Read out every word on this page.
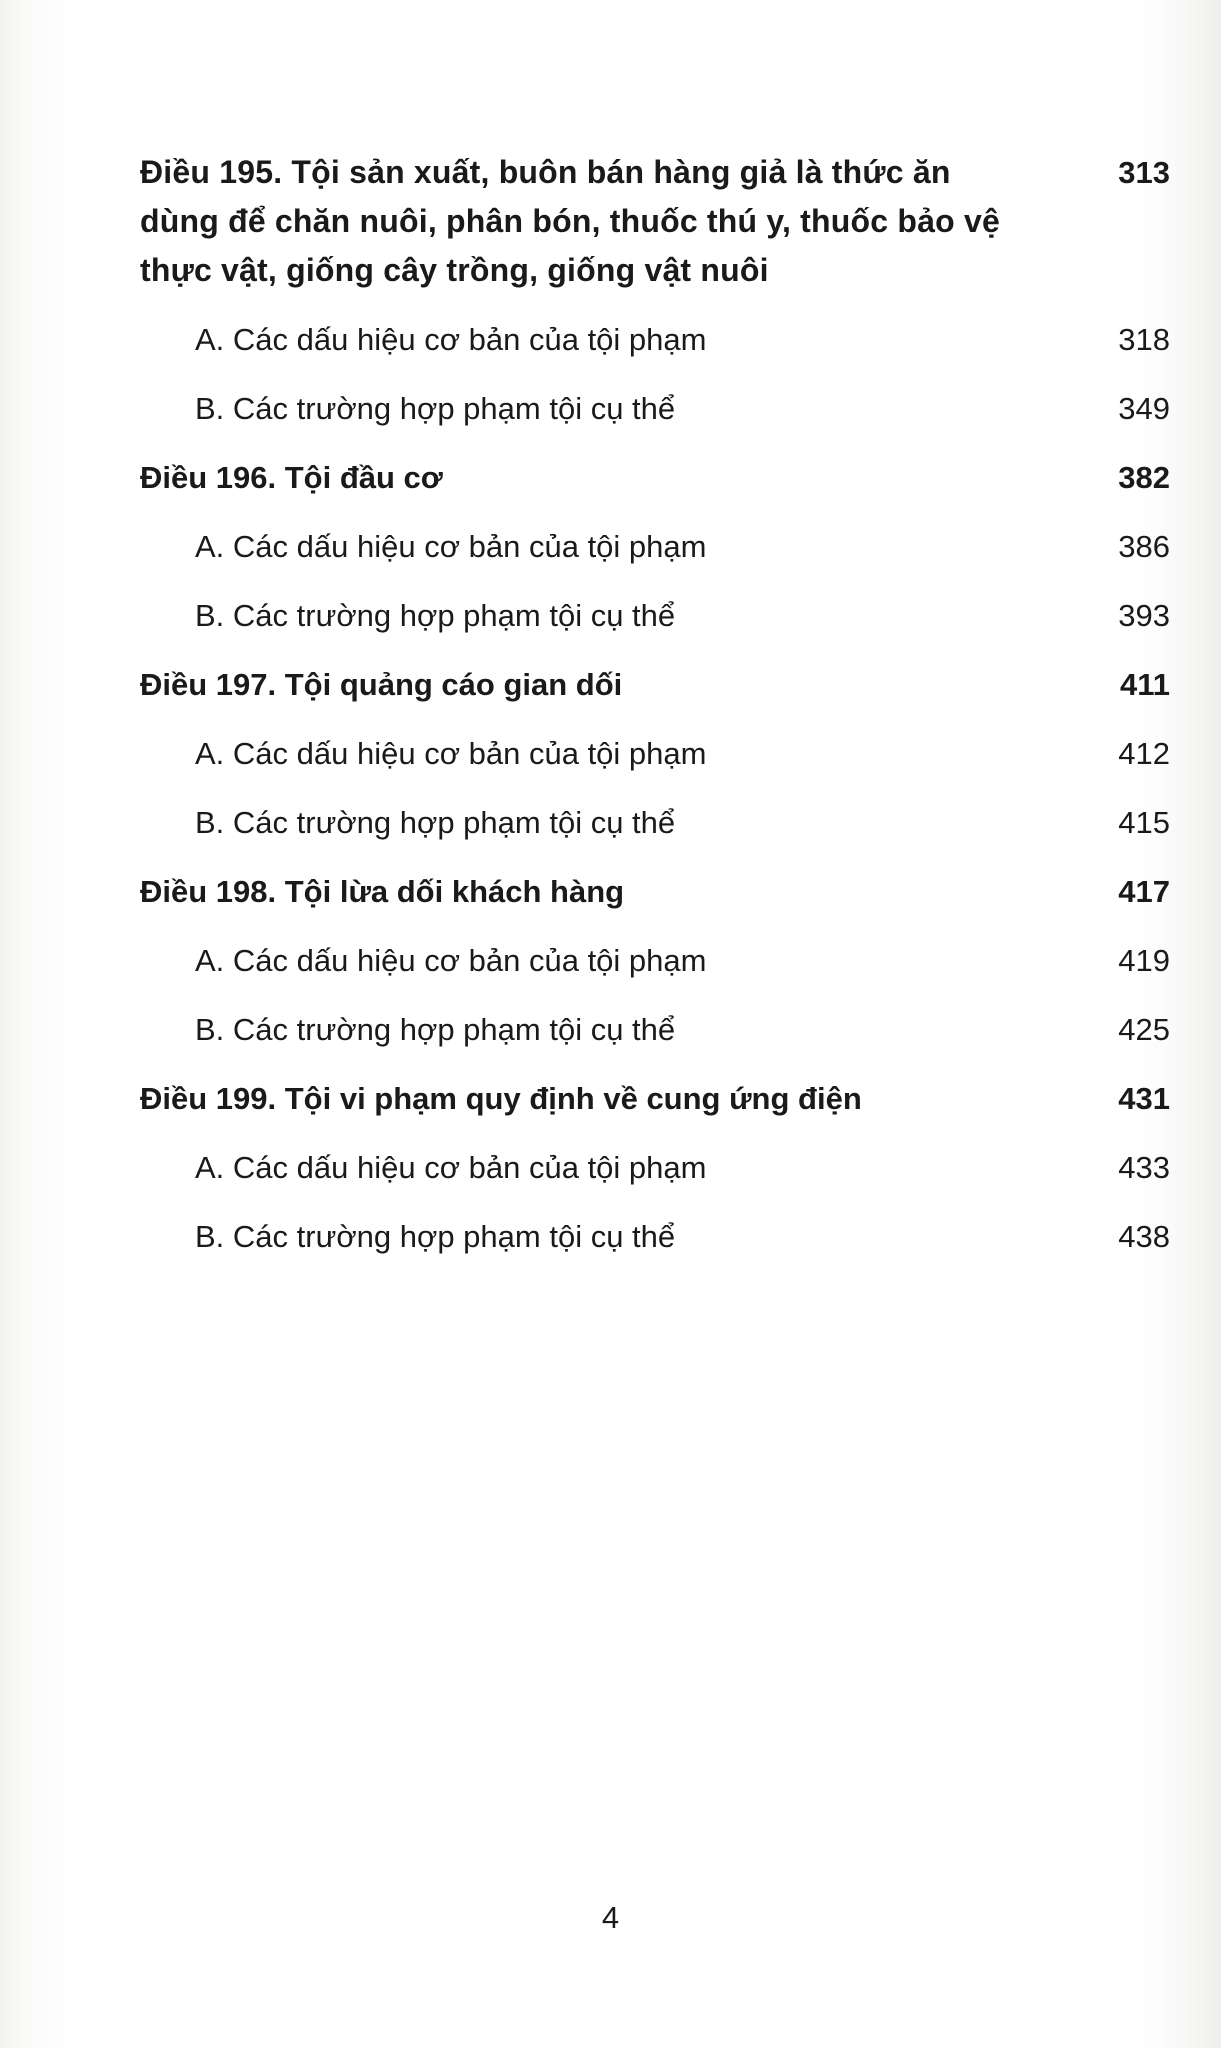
Điều 195. Tội sản xuất, buôn bán hàng giả là thức ăn dùng để chăn nuôi, phân bón, thuốc thú y, thuốc bảo vệ thực vật, giống cây trồng, giống vật nuôi
313
A. Các dấu hiệu cơ bản của tội phạm	318
B. Các trường hợp phạm tội cụ thể	349
Điều 196. Tội đầu cơ	382
A. Các dấu hiệu cơ bản của tội phạm	386
B. Các trường hợp phạm tội cụ thể	393
Điều 197. Tội quảng cáo gian dối	411
A. Các dấu hiệu cơ bản của tội phạm	412
B. Các trường hợp phạm tội cụ thể	415
Điều 198. Tội lừa dối khách hàng	417
A. Các dấu hiệu cơ bản của tội phạm	419
B. Các trường hợp phạm tội cụ thể	425
Điều 199. Tội vi phạm quy định về cung ứng điện	431
A. Các dấu hiệu cơ bản của tội phạm	433
B. Các trường hợp phạm tội cụ thể	438
4
